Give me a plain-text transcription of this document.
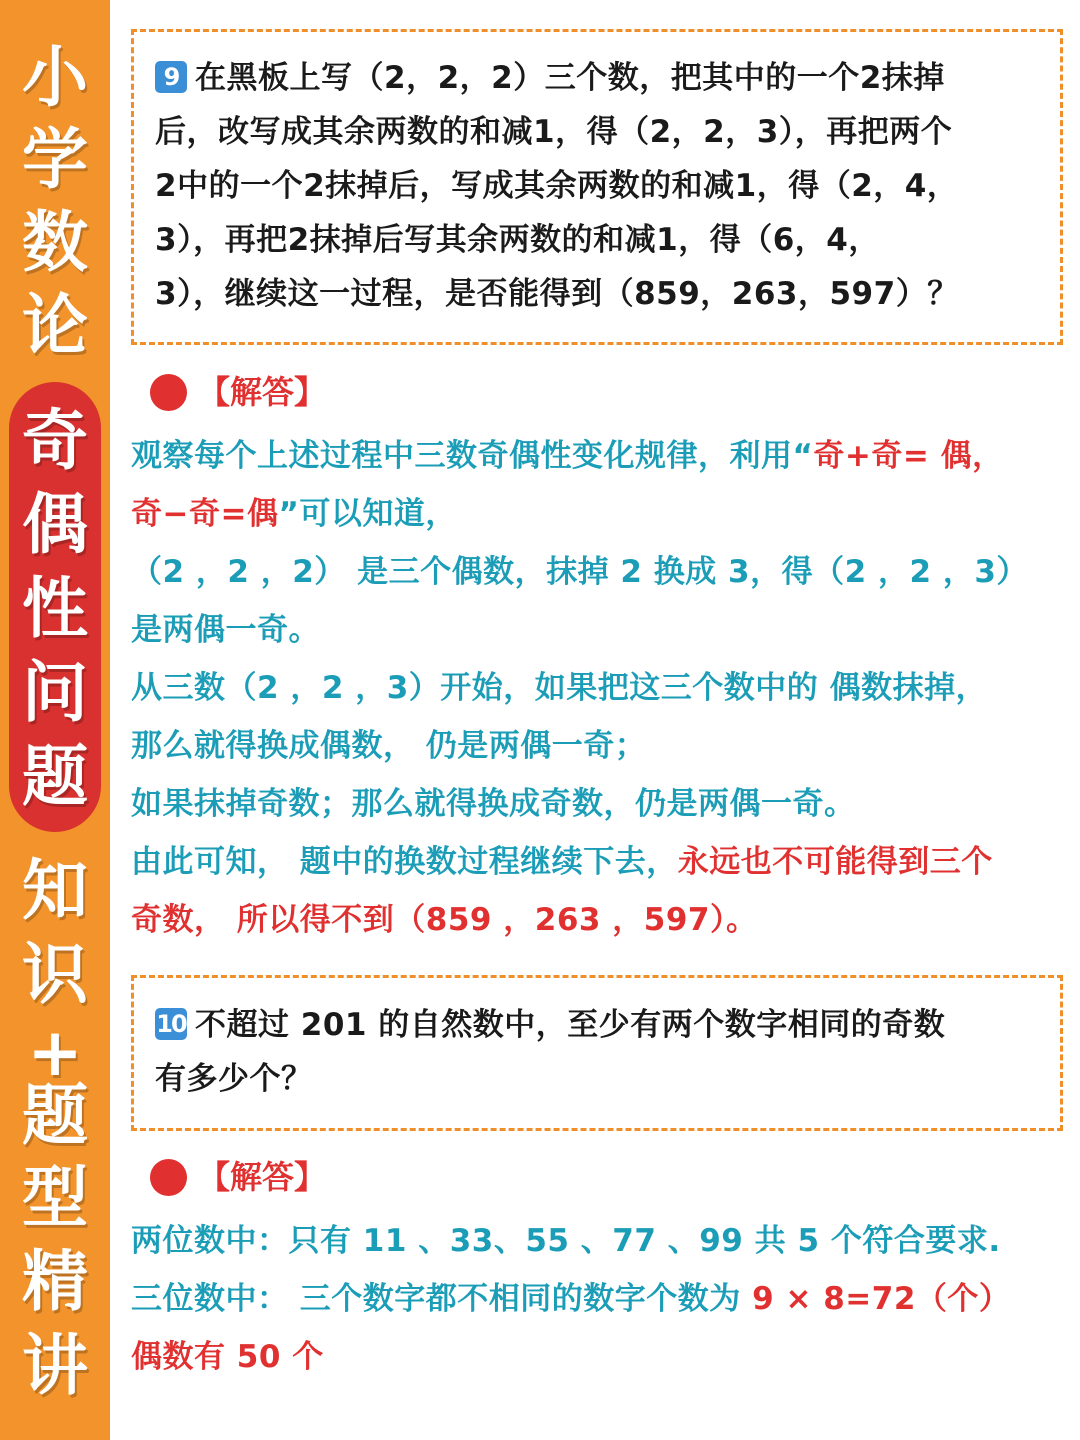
小
学
数
论
奇
偶
性
问
题
知
识
+
题
型
精
讲
9 在黑板上写（2，2，2）三个数，把其中的一个2抹掉
后，改写成其余两数的和减1，得（2，2，3），再把两个
2中的一个2抹掉后，写成其余两数的和减1，得（2，4，
3），再把2抹掉后写其余两数的和减1，得（6，4，
3），继续这一过程，是否能得到（859，263，597）？
【解答】
观察每个上述过程中三数奇偶性变化规律，利用“奇+奇= 偶，
奇−奇=偶”可以知道，
（2 ，2 ，2） 是三个偶数，抹掉 2 换成 3，得（2 ，2 ，3）
是两偶一奇。
从三数（2 ，2 ，3）开始，如果把这三个数中的 偶数抹掉，
那么就得换成偶数， 仍是两偶一奇；
如果抹掉奇数；那么就得换成奇数，仍是两偶一奇。
由此可知， 题中的换数过程继续下去，永远也不可能得到三个
奇数， 所以得不到（859 ，263 ，597）。
10 不超过 201 的自然数中，至少有两个数字相同的奇数
有多少个？
【解答】
两位数中：只有 11 、33、55 、77 、99 共 5 个符合要求.
三位数中： 三个数字都不相同的数字个数为 9 × 8=72（个）
偶数有 50 个
